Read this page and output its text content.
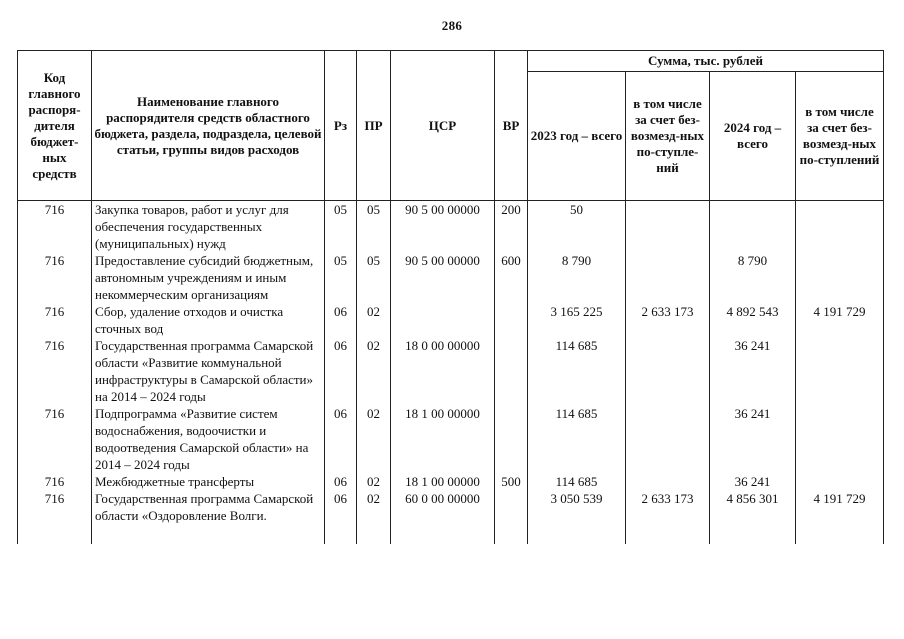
286
Код главного распоря-дителя бюджет-ных средств	Наименование главного распорядителя средств областного бюджета, раздела, подраздела, целевой статьи, группы видов расходов	Рз	ПР	ЦСР	ВР	Сумма, тыс. рублей			
						2023 год – всего	в том числе за счет без-возмезд-ных по-ступле-ний	2024 год – всего	в том числе за счет без-возмезд-ных по-ступлений
716	Закупка товаров, работ и услуг для обеспечения государственных (муниципальных) нужд	05	05	90 5 00 00000	200	50			
716	Предоставление субсидий бюджетным, автономным учреждениям и иным некоммерческим организациям	05	05	90 5 00 00000	600	8 790		8 790	
716	Сбор, удаление отходов и очистка сточных вод	06	02			3 165 225	2 633 173	4 892 543	4 191 729
716	Государственная программа Самарской области «Развитие коммунальной инфраструктуры в Самарской области» на 2014 – 2024 годы	06	02	18 0 00 00000		114 685		36 241	
716	Подпрограмма «Развитие систем водоснабжения, водоочистки и водоотведения Самарской области» на 2014 – 2024 годы	06	02	18 1 00 00000		114 685		36 241	
716	Межбюджетные трансферты	06	02	18 1 00 00000	500	114 685		36 241	
716	Государственная программа Самарской области «Оздоровление Волги.	06	02	60 0 00 00000		3 050 539	2 633 173	4 856 301	4 191 729
